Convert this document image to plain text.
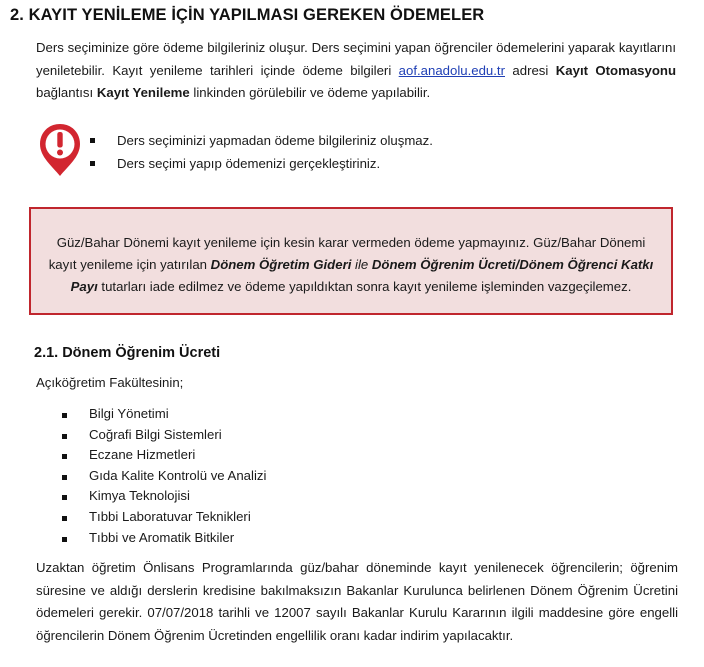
2. KAYIT YENİLEME İÇİN YAPILMASI GEREKEN ÖDEMELER

Ders seçiminize göre ödeme bilgileriniz oluşur. Ders seçimini yapan öğrenciler ödemelerini yaparak kayıtlarını yeniletebilir. Kayıt yenileme tarihleri içinde ödeme bilgileri aof.anadolu.edu.tr adresi Kayıt Otomasyonu bağlantısı Kayıt Yenileme linkinden görülebilir ve ödeme yapılabilir.

Ders seçiminizi yapmadan ödeme bilgileriniz oluşmaz.
Ders seçimi yapıp ödemenizi gerçekleştiriniz.

Güz/Bahar Dönemi kayıt yenileme için kesin karar vermeden ödeme yapmayınız. Güz/Bahar Dönemi kayıt yenileme için yatırılan Dönem Öğretim Gideri ile Dönem Öğrenim Ücreti/Dönem Öğrenci Katkı Payı tutarları iade edilmez ve ödeme yapıldıktan sonra kayıt yenileme işleminden vazgeçilemez.

2.1. Dönem Öğrenim Ücreti
Açıköğretim Fakültesinin;
Bilgi Yönetimi
Coğrafi Bilgi Sistemleri
Eczane Hizmetleri
Gıda Kalite Kontrolü ve Analizi
Kimya Teknolojisi
Tıbbi Laboratuvar Teknikleri
Tıbbi ve Aromatik Bitkiler

Uzaktan öğretim Önlisans Programlarında güz/bahar döneminde kayıt yenilenecek öğrencilerin; öğrenim süresine ve aldığı derslerin kredisine bakılmaksızın Bakanlar Kurulunca belirlenen Dönem Öğrenim Ücretini ödemeleri gerekir. 07/07/2018 tarihli ve 12007 sayılı Bakanlar Kurulu Kararının ilgili maddesine göre engelli öğrencilerin Dönem Öğrenim Ücretinden engellilik oranı kadar indirim yapılacaktır.
